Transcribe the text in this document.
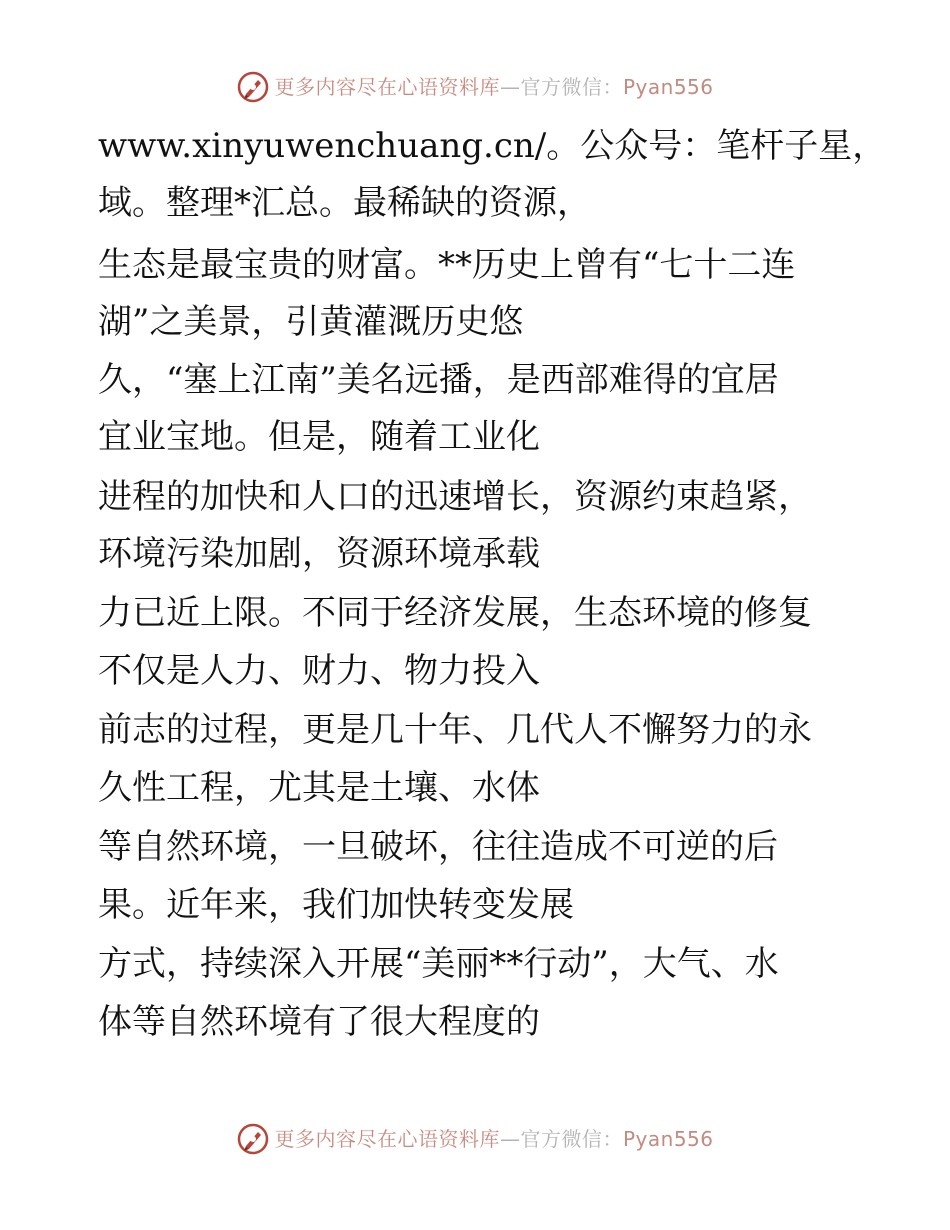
更多内容尽在心语资料库—官方微信：Pyan556
www.xinyuwenchuang.cn/。公众号：笔杆子星，
域。整理*汇总。最稀缺的资源，
生态是最宝贵的财富。**历史上曾有“七十二连
湖”之美景，引黄灌溉历史悠
久，“塞上江南”美名远播，是西部难得的宜居
宜业宝地。但是，随着工业化
进程的加快和人口的迅速增长，资源约束趋紧，
环境污染加剧，资源环境承载
力已近上限。不同于经济发展，生态环境的修复
不仅是人力、财力、物力投入
前志的过程，更是几十年、几代人不懈努力的永
久性工程，尤其是土壤、水体
等自然环境，一旦破坏，往往造成不可逆的后
果。近年来，我们加快转变发展
方式，持续深入开展“美丽**行动”，大气、水
体等自然环境有了很大程度的
更多内容尽在心语资料库—官方微信：Pyan556
